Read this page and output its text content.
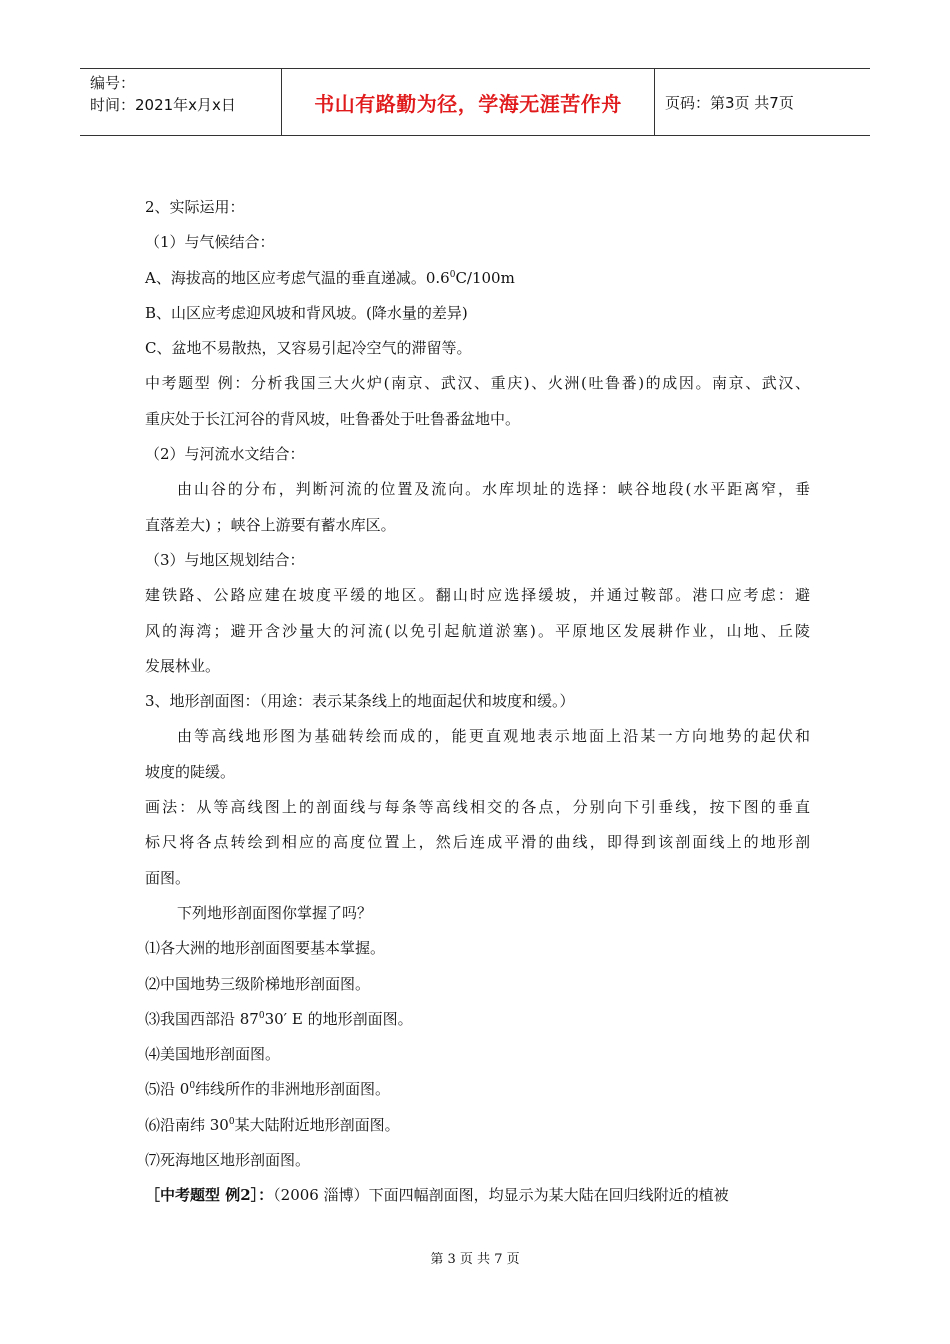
编号：
时间：2021年x月x日	书山有路勤为径，学海无涯苦作舟	页码：第3页 共7页
2、实际运用：
（1）与气候结合：
A、海拔高的地区应考虑气温的垂直递减。$0.6^0C/100m$
B、山区应考虑迎风坡和背风坡。(降水量的差异)
C、盆地不易散热，又容易引起冷空气的滞留等。
中考题型 例：分析我国三大火炉(南京、武汉、重庆)、火洲(吐鲁番)的成因。南京、武汉、
重庆处于长江河谷的背风坡，吐鲁番处于吐鲁番盆地中。
（2）与河流水文结合：
由山谷的分布，判断河流的位置及流向。水库坝址的选择：峡谷地段(水平距离窄，垂
直落差大) ；峡谷上游要有蓄水库区。
（3）与地区规划结合：
建铁路、公路应建在坡度平缓的地区。翻山时应选择缓坡，并通过鞍部。港口应考虑：避
风的海湾；避开含沙量大的河流(以免引起航道淤塞)。平原地区发展耕作业，山地、丘陵
发展林业。
3、地形剖面图：（用途：表示某条线上的地面起伏和坡度和缓。）
由等高线地形图为基础转绘而成的，能更直观地表示地面上沿某一方向地势的起伏和
坡度的陡缓。
画法：从等高线图上的剖面线与每条等高线相交的各点，分别向下引垂线，按下图的垂直
标尺将各点转绘到相应的高度位置上，然后连成平滑的曲线，即得到该剖面线上的地形剖
面图。
下列地形剖面图你掌握了吗？
⑴各大洲的地形剖面图要基本掌握。
⑵中国地势三级阶梯地形剖面图。
⑶我国西部沿 $87^030'$ E 的地形剖面图。
⑷美国地形剖面图。
⑸沿 $0^0$纬线所作的非洲地形剖面图。
⑹沿南纬 $30^0$某大陆附近地形剖面图。
⑺死海地区地形剖面图。
［中考题型 例2］：（2006 淄博）下面四幅剖面图，均显示为某大陆在回归线附近的植被
第 3 页 共 7 页
